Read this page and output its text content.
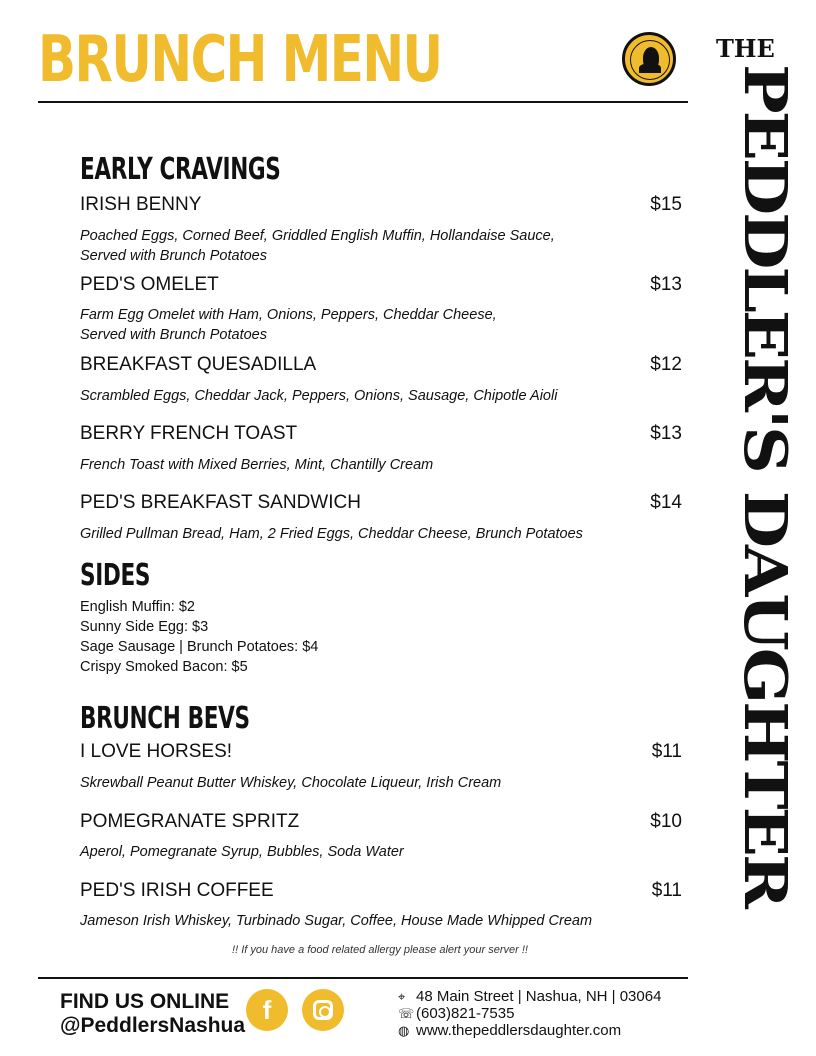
BRUNCH MENU	THE
PEDDLER'S DAUGHTER
EARLY CRAVINGS
IRISH BENNY	$15
Poached Eggs, Corned Beef, Griddled English Muffin, Hollandaise Sauce,
Served with Brunch Potatoes
PED'S OMELET	$13
Farm Egg Omelet with Ham, Onions, Peppers, Cheddar Cheese,
Served with Brunch Potatoes
BREAKFAST QUESADILLA	$12
Scrambled Eggs, Cheddar Jack, Peppers, Onions, Sausage, Chipotle Aioli
BERRY FRENCH TOAST	$13
French Toast with Mixed Berries, Mint, Chantilly Cream
PED'S BREAKFAST SANDWICH	$14
Grilled Pullman Bread, Ham, 2 Fried Eggs, Cheddar Cheese, Brunch Potatoes
SIDES
English Muffin: $2
Sunny Side Egg: $3
Sage Sausage | Brunch Potatoes: $4
Crispy Smoked Bacon: $5
BRUNCH BEVS
I LOVE HORSES!	$11
Skrewball Peanut Butter Whiskey, Chocolate Liqueur, Irish Cream
POMEGRANATE SPRITZ	$10
Aperol, Pomegranate Syrup, Bubbles, Soda Water
PED'S IRISH COFFEE	$11
Jameson Irish Whiskey, Turbinado Sugar, Coffee, House Made Whipped Cream
!! If you have a food related allergy please alert your server !!
FIND US ONLINE
@PeddlersNashua
f	⌖ 48 Main Street | Nashua, NH | 03064
☏ (603)821-7535
◍ www.thepeddlersdaughter.com
